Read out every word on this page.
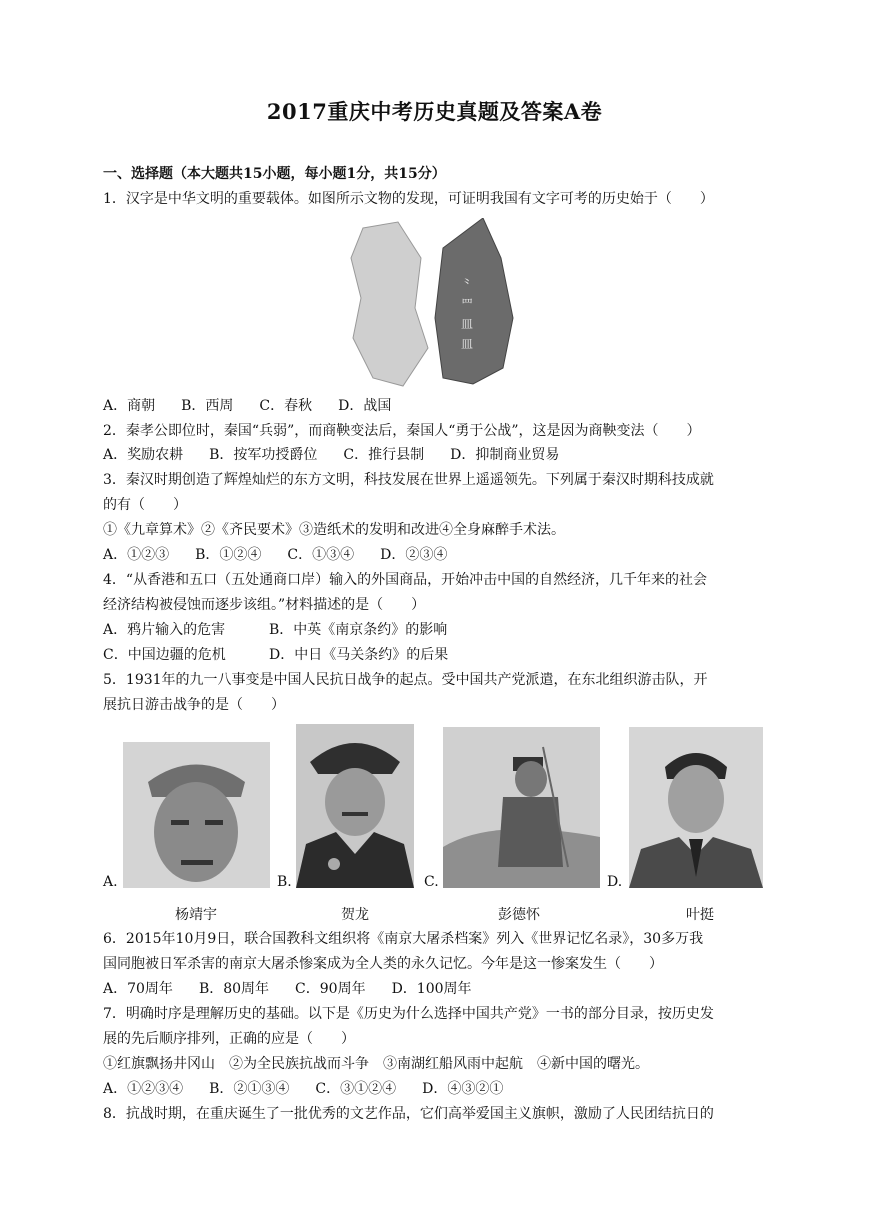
2017重庆中考历史真题及答案A卷
一、选择题（本大题共15小题，每小题1分，共15分）
1．汉字是中华文明的重要载体。如图所示文物的发现，可证明我国有文字可考的历史始于（　　）
⺀
罒
皿
皿
A．商朝 B．西周 C．春秋 D．战国
2．秦孝公即位时，秦国“兵弱”，而商鞅变法后，秦国人“勇于公战”，这是因为商鞅变法（　　）
A．奖励农耕 B．按军功授爵位 C．推行县制 D．抑制商业贸易
3．秦汉时期创造了辉煌灿烂的东方文明，科技发展在世界上遥遥领先。下列属于秦汉时期科技成就
的有（　　）
①《九章算术》②《齐民要术》③造纸术的发明和改进④全身麻醉手术法。
A．①②③ B．①②④ C．①③④ D．②③④
4．“从香港和五口（五处通商口岸）输入的外国商品，开始冲击中国的自然经济，几千年来的社会
经济结构被侵蚀而逐步该组。”材料描述的是（　　）
A．鸦片输入的危害	B．中英《南京条约》的影响
C．中国边疆的危机	D．中日《马关条约》的后果
5．1931年的九一八事变是中国人民抗日战争的起点。受中国共产党派遣，在东北组织游击队，开
展抗日游击战争的是（　　）
A.	B.	C.	D.
杨靖宇	贺龙	彭德怀	叶挺
6．2015年10月9日，联合国教科文组织将《南京大屠杀档案》列入《世界记忆名录》，30多万我
国同胞被日军杀害的南京大屠杀惨案成为全人类的永久记忆。今年是这一惨案发生（　　）
A．70周年 B．80周年 C．90周年 D．100周年
7．明确时序是理解历史的基础。以下是《历史为什么选择中国共产党》一书的部分目录，按历史发
展的先后顺序排列，正确的应是（　　）
①红旗飘扬井冈山　②为全民族抗战而斗争　③南湖红船风雨中起航　④新中国的曙光。
A．①②③④ B．②①③④ C．③①②④ D．④③②①
8．抗战时期，在重庆诞生了一批优秀的文艺作品，它们高举爱国主义旗帜，激励了人民团结抗日的
